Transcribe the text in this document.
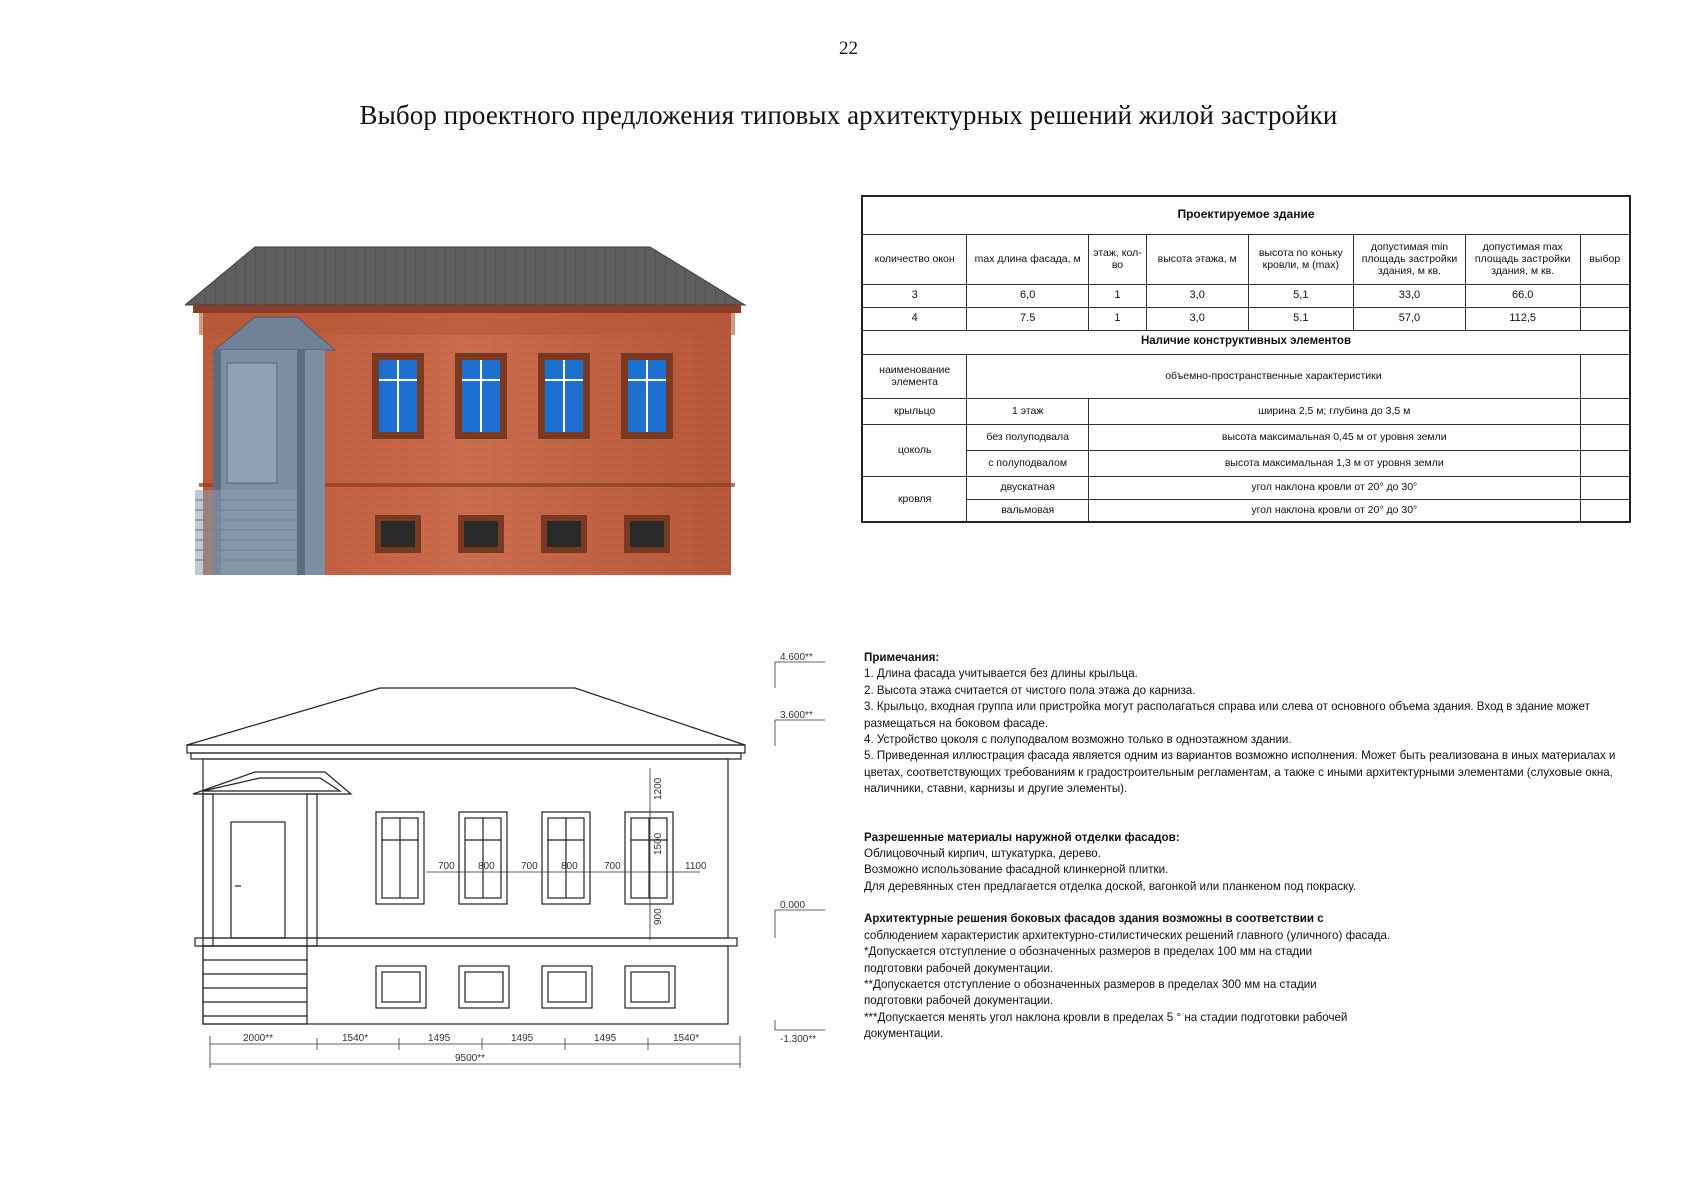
22
Выбор проектного предложения типовых архитектурных решений жилой застройки
4.600**
3.600**
0.000
-1.300**
2000**	1540*	1495	1495	1495	1540*
9500**
700 800	700 800	700	1100
1200
1500
900
Проектируемое здание							
количество окон	max длина фасада, м	этаж, кол-во	высота этажа, м	высота по коньку кровли, м (max)	допустимая min площадь застройки здания, м кв.	допустимая max площадь застройки здания, м кв.	выбор
3	6,0	1	3,0	5,1	33,0	66.0	
4	7.5	1	3,0	5.1	57,0	112,5	
Наличие конструктивных элементов							
наименование элемента	объемно-пространственные характеристики						
крыльцо	1 этаж	ширина 2,5 м; глубина до 3,5 м					
цоколь	без полуподвала	высота максимальная 0,45 м от уровня земли					
	с полуподвалом	высота максимальная 1,3 м от уровня земли					
кровля	двускатная	угол наклона кровли от 20° до 30°					
	вальмовая	угол наклона кровли от 20° до 30°					
Примечания:
1. Длина фасада учитывается без длины крыльца.
2. Высота этажа считается от чистого пола этажа до карниза.
3. Крыльцо, входная группа или пристройка могут располагаться справа или слева от основного объема здания. Вход в здание может размещаться на боковом фасаде.
4. Устройство цоколя с полуподвалом возможно только в одноэтажном здании.
5. Приведенная иллюстрация фасада является одним из вариантов возможно исполнения. Может быть реализована в иных материалах и цветах, соответствующих требованиям к градостроительным регламентам, а также с иными архитектурными элементами (слуховые окна, наличники, ставни, карнизы и другие элементы).
Разрешенные материалы наружной отделки фасадов:
Облицовочный кирпич, штукатурка, дерево.
Возможно использование фасадной клинкерной плитки.
Для деревянных стен предлагается отделка доской, вагонкой или планкеном под покраску.
Архитектурные решения боковых фасадов здания возможны в соответствии с
соблюдением характеристик архитектурно-стилистических решений главного (уличного) фасада.
*Допускается отступление о обозначенных размеров в пределах 100 мм на стадии
подготовки рабочей документации.
**Допускается отступление о обозначенных размеров в пределах 300 мм на стадии
подготовки рабочей документации.
***Допускается менять угол наклона кровли в пределах 5 ° на стадии подготовки рабочей
документации.
